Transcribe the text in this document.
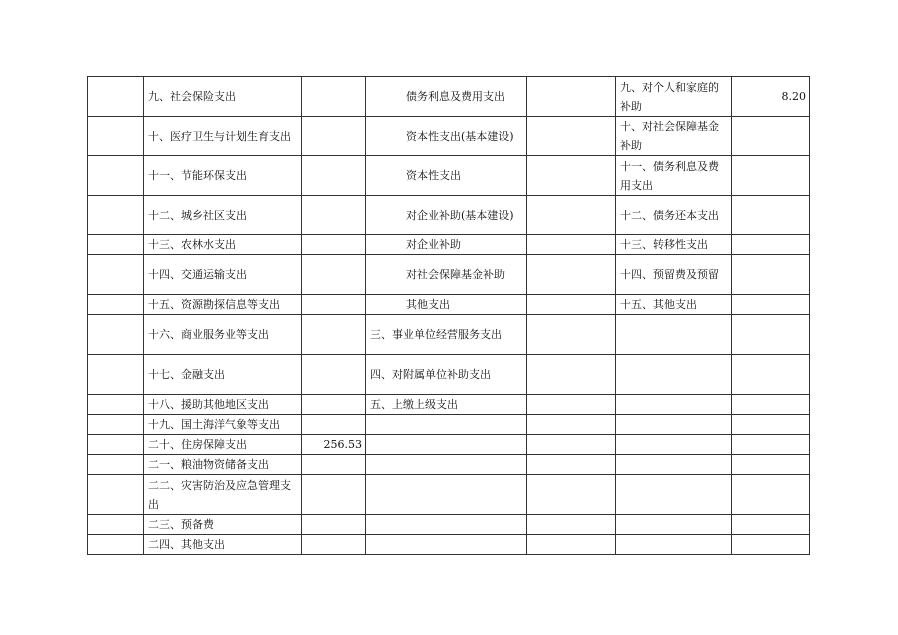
	九、社会保险支出		债务利息及费用支出		九、对个人和家庭的补助	8.20
	十、医疗卫生与计划生育支出		资本性支出(基本建设)		十、对社会保障基金补助	
	十一、节能环保支出		资本性支出		十一、债务利息及费用支出	
	十二、城乡社区支出		对企业补助(基本建设)		十二、债务还本支出	
	十三、农林水支出		对企业补助		十三、转移性支出	
	十四、交通运输支出		对社会保障基金补助		十四、预留费及预留	
	十五、资源勘探信息等支出		其他支出		十五、其他支出	
	十六、商业服务业等支出		三、事业单位经营服务支出			
	十七、金融支出		四、对附属单位补助支出			
	十八、援助其他地区支出		五、上缴上级支出			
	十九、国土海洋气象等支出					
	二十、住房保障支出	256.53				
	二一、粮油物资储备支出					
	二二、灾害防治及应急管理支出					
	二三、预备费					
	二四、其他支出					
